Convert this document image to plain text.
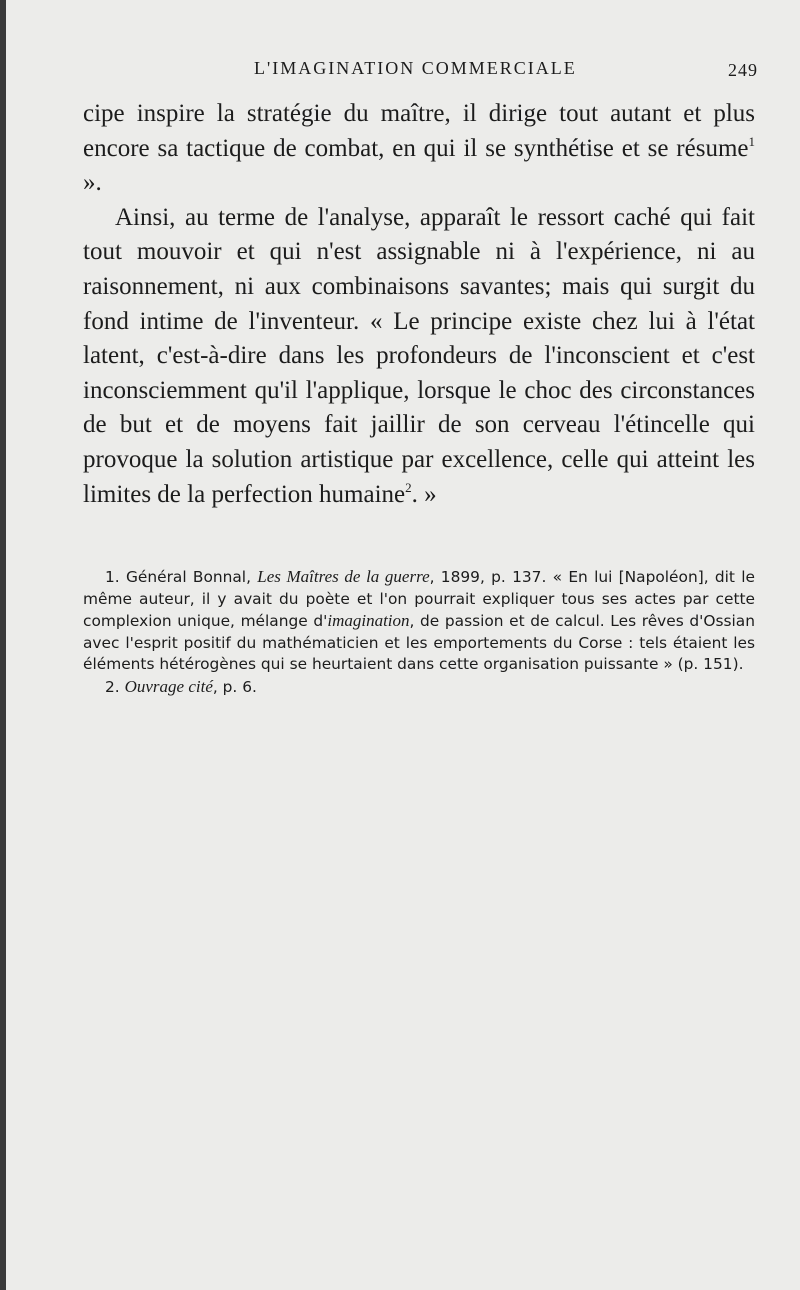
L'IMAGINATION COMMERCIALE	249

cipe inspire la stratégie du maître, il dirige tout autant et plus encore sa tactique de combat, en qui il se synthétise et se résume$^1$ ».

Ainsi, au terme de l'analyse, apparaît le ressort caché qui fait tout mouvoir et qui n'est assignable ni à l'expérience, ni au raisonnement, ni aux combinaisons savantes; mais qui surgit du fond intime de l'inventeur. « Le principe existe chez lui à l'état latent, c'est-à-dire dans les profondeurs de l'inconscient et c'est inconsciemment qu'il l'applique, lorsque le choc des circonstances de but et de moyens fait jaillir de son cerveau l'étincelle qui provoque la solution artistique par excellence, celle qui atteint les limites de la perfection humaine$^2$. »

1. Général Bonnal, Les Maîtres de la guerre, 1899, p. 137. « En lui [Napoléon], dit le même auteur, il y avait du poète et l'on pourrait expliquer tous ses actes par cette complexion unique, mélange d'imagination, de passion et de calcul. Les rêves d'Ossian avec l'esprit positif du mathématicien et les emportements du Corse : tels étaient les éléments hétérogènes qui se heurtaient dans cette organisation puissante » (p. 151).

2. Ouvrage cité, p. 6.
